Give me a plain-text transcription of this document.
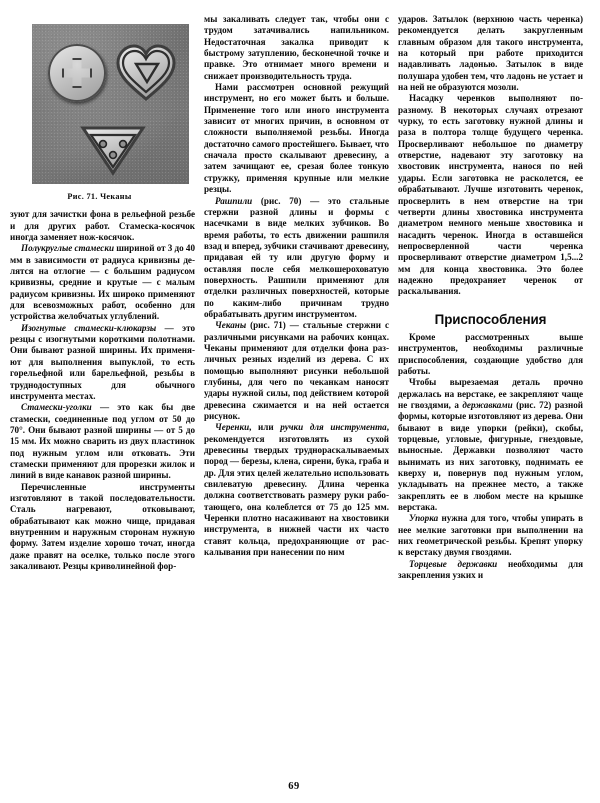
Рис. 71. Чеканы

зуют для зачистки фона в рельефной резьбе и для других работ. Стамеска-косячок иногда заменяет нож-косячок.

Полукруглые стамески шириной от 3 до 40 мм в зависимости от радиуса кривизны делятся на отлогие — с большим радиусом кривизны, средние и крутые — с малым радиусом кривизны. Их широко применяют для всевозможных работ, особенно для устройства желобчатых углублений.

Изогнутые стамески-клюкарзы — это резцы с изогнутыми короткими полотнами. Они бывают разной ширины. Их применяют для выполнения выпуклой, то есть горельефной или барельефной, резьбы в труднодоступных для обычного инструмента местах.

Стамески-уголки — это как бы две стамески, соединенные под углом от 50 до 70°. Они бывают разной ширины — от 5 до 15 мм. Их можно сварить из двух пластинок под нужным углом или отковать. Эти стамески применяют для прорезки жилок и линий в виде канавок разной ширины.

Перечисленные инструменты изготовляют в такой последовательности. Сталь нагревают, отковывают, обрабатывают как можно чище, придавая внутренним и наружным сторонам нужную форму. Затем изделие хорошо точат, иногда даже правят на оселке, только после этого закаливают. Резцы криволинейной фор-

мы закаливать следует так, чтобы они с трудом затачивались напильником. Недостаточная закалка приводит к быстрому затуплению, бесконечной точке и правке. Это отнимает много времени и снижает производительность труда.

Нами рассмотрен основной режущий инструмент, но его может быть и больше. Применение того или иного инструмента зависит от многих причин, в основном от сложности выполняемой резьбы. Иногда достаточно самого простейшего. Бывает, что сначала просто скалывают древесину, а затем зачищают ее, срезая более тонкую стружку, применяя крупные или мелкие резцы.

Рашпили (рис. 70) — это стальные стержни разной длины и формы с насечками в виде мелких зубчиков. Во время работы, то есть движении рашпиля взад и вперед, зубчики стачивают древесину, придавая ей ту или другую форму и оставляя после себя мелкошероховатую поверхность. Рашпили применяют для отделки различных поверхностей, которые по каким-либо причинам трудно обрабатывать другим инструментом.

Чеканы (рис. 71) — стальные стержни с различными рисунками на рабочих концах. Чеканы применяют для отделки фона различных резных изделий из дерева. С их помощью выполняют рисунки небольшой глубины, для чего по чеканкам наносят удары нужной силы, под действием которой древесина сжимается и на ней остается рисунок.

Черенки, или ручки для инструмента, рекомендуется изготовлять из сухой древесины твердых труднораскалываемых пород — березы, клена, сирени, бука, граба и др. Для этих целей желательно использовать свилеватую древесину. Длина черенка должна соответствовать размеру руки работающего, она колеблется от 75 до 125 мм. Черенки плотно насаживают на хвостовики инструмента, в нижней части их часто ставят кольца, предохраняющие от раскалывания при нанесении по ним

ударов. Затылок (верхнюю часть черенка) рекомендуется делать закругленным главным образом для такого инструмента, на который при работе приходится надавливать ладонью. Затылок в виде полушара удобен тем, что ладонь не устает и на ней не образуются мозоли.

Насадку черенков выполняют по-разному. В некоторых случаях отрезают чурку, то есть заготовку нужной длины и раза в полтора толще будущего черенка. Просверливают небольшое по диаметру отверстие, надевают эту заготовку на хвостовик инструмента, нанося по ней удары. Если заготовка не расколется, ее обрабатывают. Лучше изготовить черенок, просверлить в нем отверстие на три четверти длины хвостовика инструмента диаметром немного меньше хвостовика и насадить черенок. Иногда в оставшейся непросверленной части черенка просверливают отверстие диаметром 1,5...2 мм для конца хвостовика. Это более надежно предохраняет черенок от раскалывания.

Приспособления

Кроме рассмотренных выше инструментов, необходимы различные приспособления, создающие удобство для работы.

Чтобы вырезаемая деталь прочно держалась на верстаке, ее закрепляют чаще не гвоздями, а державками (рис. 72) разной формы, которые изготовляют из дерева. Они бывают в виде упорки (рейки), скобы, торцевые, угловые, фигурные, гнездовые, выносные. Державки позволяют часто вынимать из них заготовку, поднимать ее кверху и, повернув под нужным углом, укладывать на прежнее место, а также закреплять ее в любом месте на крышке верстака.

Упорка нужна для того, чтобы упирать в нее мелкие заготовки при выполнении на них геометрической резьбы. Крепят упорку к верстаку двумя гвоздями.

Торцевые державки необходимы для закрепления узких и

69
